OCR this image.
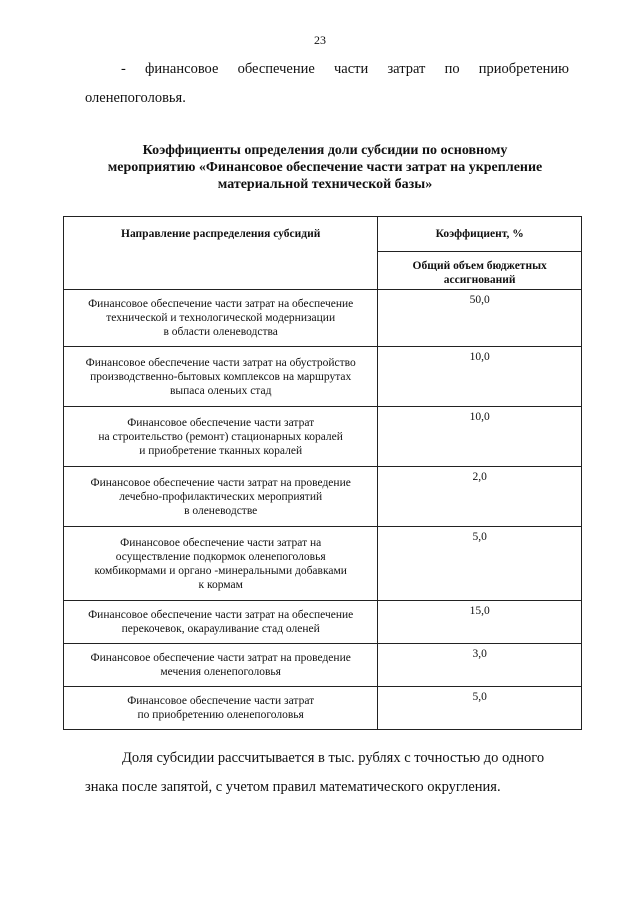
23
- финансовое обеспечение части затрат по приобретению
оленепоголовья.
Коэффициенты определения доли субсидии по основному
мероприятию «Финансовое обеспечение части затрат на укрепление
материальной технической базы»
Направление распределения субсидий	Коэффициент, %
	Общий объем бюджетных
ассигнований
Финансовое обеспечение части затрат на обеспечение
технической и технологической модернизации
в области оленеводства	50,0
Финансовое обеспечение части затрат на обустройство
производственно-бытовых комплексов на маршрутах
выпаса оленьих стад	10,0
Финансовое обеспечение части затрат
на строительство (ремонт) стационарных коралей
и приобретение тканных коралей	10,0
Финансовое обеспечение части затрат на проведение
лечебно-профилактических мероприятий
в оленеводстве	2,0
Финансовое обеспечение части затрат на
осуществление подкормок оленепоголовья
комбикормами и органо -минеральными добавками
к кормам	5,0
Финансовое обеспечение части затрат на обеспечение
перекочевок, окараул​ивание стад оленей	15,0
Финансовое обеспечение части затрат на проведение
мечения оленепоголовья	3,0
Финансовое обеспечение части затрат
по приобретению оленепоголовья	5,0
Доля субсидии рассчитывается в тыс. рублях с точностью до одного
знака после запятой, с учетом правил математического округления.
